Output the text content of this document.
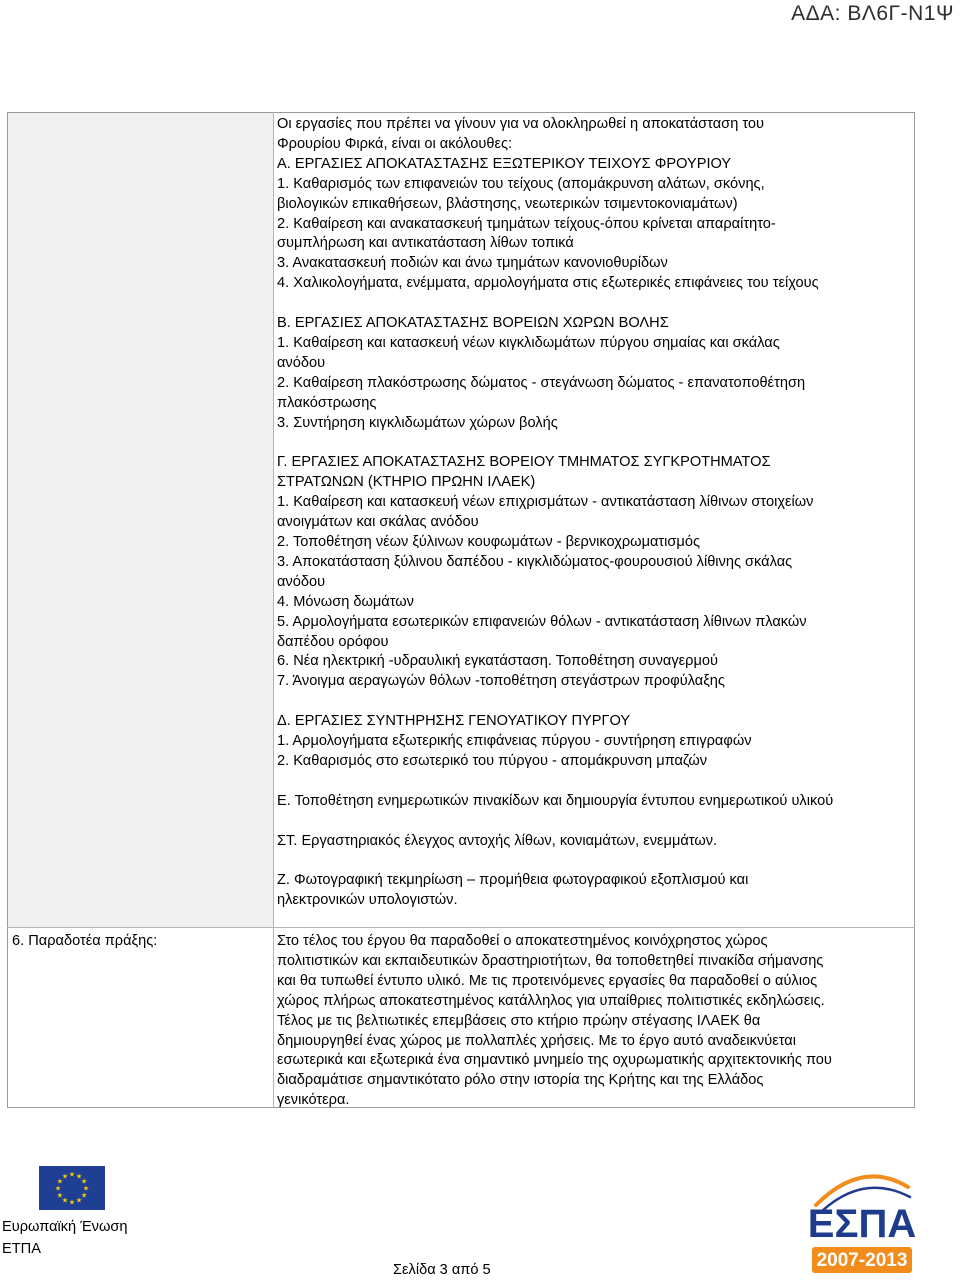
ΑΔΑ: ΒΛ6Γ-Ν1Ψ

Οι εργασίες που πρέπει να γίνουν για να ολοκληρωθεί η αποκατάσταση του

Φρουρίου Φιρκά, είναι οι ακόλουθες:

Α. ΕΡΓΑΣΙΕΣ ΑΠΟΚΑΤΑΣΤΑΣΗΣ ΕΞΩΤΕΡΙΚΟΥ ΤΕΙΧΟΥΣ ΦΡΟΥΡΙΟΥ

1. Καθαρισμός των επιφανειών του τείχους (απομάκρυνση αλάτων, σκόνης,

βιολογικών επικαθήσεων, βλάστησης, νεωτερικών τσιμεντοκονιαμάτων)

2. Καθαίρεση και ανακατασκευή τμημάτων τείχους-όπου κρίνεται απαραίτητο-

συμπλήρωση και αντικατάσταση λίθων τοπικά

3. Ανακατασκευή ποδιών και άνω τμημάτων κανονιοθυρίδων

4. Χαλικολογήματα, ενέμματα, αρμολογήματα στις εξωτερικές επιφάνειες του τείχους

Β. ΕΡΓΑΣΙΕΣ ΑΠΟΚΑΤΑΣΤΑΣΗΣ ΒΟΡΕΙΩΝ ΧΩΡΩΝ ΒΟΛΗΣ

1. Καθαίρεση και κατασκευή νέων κιγκλιδωμάτων πύργου σημαίας και σκάλας

ανόδου

2. Καθαίρεση πλακόστρωσης δώματος - στεγάνωση δώματος - επανατοποθέτηση

πλακόστρωσης

3. Συντήρηση κιγκλιδωμάτων χώρων βολής

Γ. ΕΡΓΑΣΙΕΣ ΑΠΟΚΑΤΑΣΤΑΣΗΣ ΒΟΡΕΙΟΥ ΤΜΗΜΑΤΟΣ ΣΥΓΚΡΟΤΗΜΑΤΟΣ

ΣΤΡΑΤΩΝΩΝ (ΚΤΗΡΙΟ ΠΡΩΗΝ ΙΛΑΕΚ)

1. Καθαίρεση και κατασκευή νέων επιχρισμάτων - αντικατάσταση λίθινων στοιχείων

ανοιγμάτων και σκάλας ανόδου

2. Τοποθέτηση νέων ξύλινων κουφωμάτων - βερνικοχρωματισμός

3. Αποκατάσταση ξύλινου δαπέδου - κιγκλιδώματος-φουρουσιού λίθινης σκάλας

ανόδου

4. Μόνωση δωμάτων

5. Αρμολογήματα εσωτερικών επιφανειών θόλων - αντικατάσταση λίθινων πλακών

δαπέδου ορόφου

6. Νέα ηλεκτρική -υδραυλική εγκατάσταση. Τοποθέτηση συναγερμού

7. Άνοιγμα αεραγωγών θόλων -τοποθέτηση στεγάστρων προφύλαξης

Δ. ΕΡΓΑΣΙΕΣ ΣΥΝΤΗΡΗΣΗΣ ΓΕΝΟΥΑΤΙΚΟΥ ΠΥΡΓΟΥ

1. Αρμολογήματα εξωτερικής επιφάνειας πύργου - συντήρηση επιγραφών

2. Καθαρισμός στο εσωτερικό του πύργου - απομάκρυνση μπαζών

Ε. Τοποθέτηση ενημερωτικών πινακίδων και δημιουργία έντυπου ενημερωτικού υλικού

ΣΤ. Εργαστηριακός έλεγχος αντοχής λίθων, κονιαμάτων, ενεμμάτων.

Ζ. Φωτογραφική τεκμηρίωση – προμήθεια φωτογραφικού εξοπλισμού και

ηλεκτρονικών υπολογιστών.

6. Παραδοτέα πράξης:	Στο τέλος του έργου θα παραδοθεί ο αποκατεστημένος κοινόχρηστος χώρος

πολιτιστικών και εκπαιδευτικών δραστηριοτήτων, θα τοποθετηθεί πινακίδα σήμανσης

και θα τυπωθεί έντυπο υλικό. Με τις προτεινόμενες εργασίες θα παραδοθεί ο αύλιος

χώρος πλήρως αποκατεστημένος κατάλληλος για υπαίθριες πολιτιστικές εκδηλώσεις.

Τέλος με τις βελτιωτικές επεμβάσεις στο κτήριο πρώην στέγασης ΙΛΑΕΚ θα

δημιουργηθεί ένας χώρος με πολλαπλές χρήσεις. Με το έργο αυτό αναδεικνύεται

εσωτερικά και εξωτερικά ένα σημαντικό μνημείο της οχυρωματικής αρχιτεκτονικής που

διαδραμάτισε σημαντικότατο ρόλο στην ιστορία της Κρήτης και της Ελλάδος

γενικότερα.

★
★
★
★
★
★
★
★
★ ★ ★
★
Ευρωπαϊκή Ένωση
ΕΤΠΑ
ΕΣΠΑ
2007-2013
Σελίδα 3 από 5
